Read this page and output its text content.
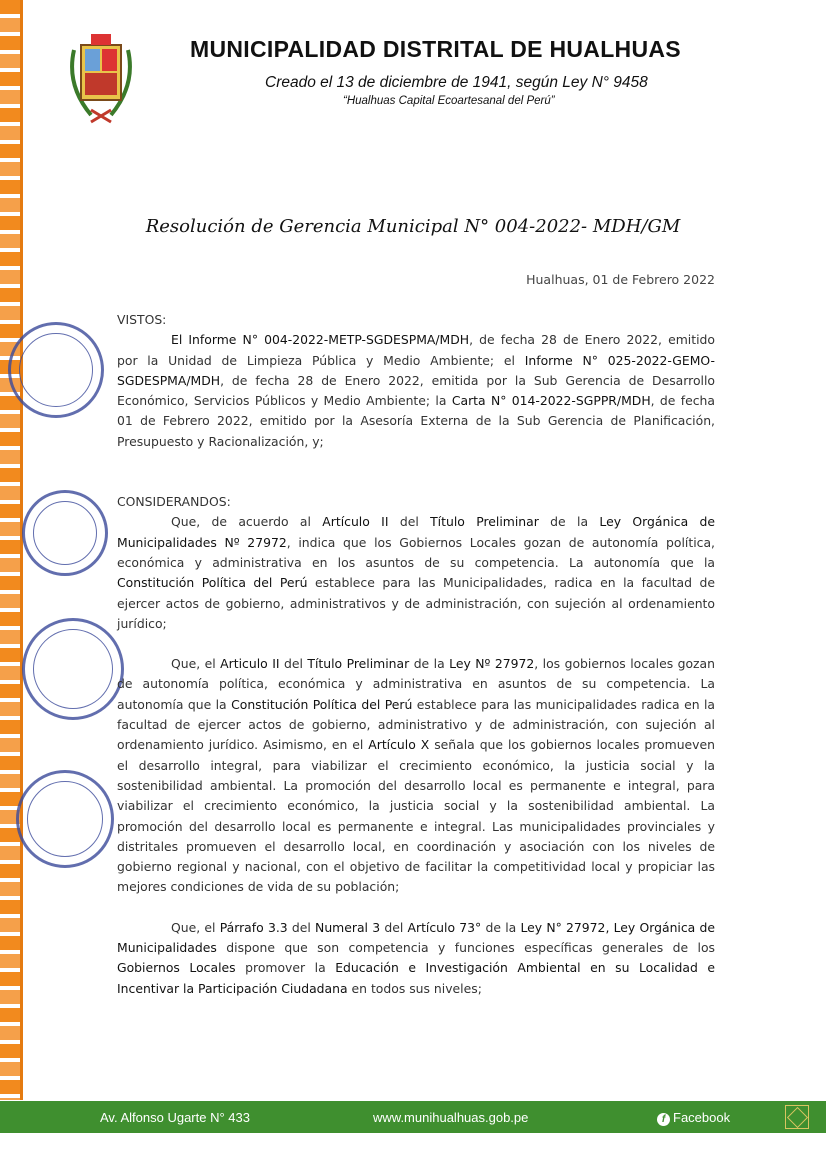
MUNICIPALIDAD DISTRITAL DE HUALHUAS
Creado el 13 de diciembre de 1941, según Ley N° 9458
“Hualhuas Capital Ecoartesanal del Perú”
Resolución de Gerencia Municipal N° 004-2022- MDH/GM
Hualhuas, 01 de Febrero 2022

VISTOS:

El Informe N° 004-2022-METP-SGDESPMA/MDH, de fecha 28 de Enero 2022, emitido por la Unidad de Limpieza Pública y Medio Ambiente; el Informe N° 025-2022-GEMO-SGDESPMA/MDH, de fecha 28 de Enero 2022, emitida por la Sub Gerencia de Desarrollo Económico, Servicios Públicos y Medio Ambiente; la Carta N° 014-2022-SGPPR/MDH, de fecha 01 de Febrero 2022, emitido por la Asesoría Externa de la Sub Gerencia de Planificación, Presupuesto y Racionalización, y;

CONSIDERANDOS:

Que, de acuerdo al Artículo II del Título Preliminar de la Ley Orgánica de Municipalidades Nº 27972, indica que los Gobiernos Locales gozan de autonomía política, económica y administrativa en los asuntos de su competencia. La autonomía que la Constitución Política del Perú establece para las Municipalidades, radica en la facultad de ejercer actos de gobierno, administrativos y de administración, con sujeción al ordenamiento jurídico;

Que, el Articulo II del Título Preliminar de la Ley Nº 27972, los gobiernos locales gozan de autonomía política, económica y administrativa en asuntos de su competencia. La autonomía que la Constitución Política del Perú establece para las municipalidades radica en la facultad de ejercer actos de gobierno, administrativo y de administración, con sujeción al ordenamiento jurídico. Asimismo, en el Artículo X señala que los gobiernos locales promueven el desarrollo integral, para viabilizar el crecimiento económico, la justicia social y la sostenibilidad ambiental. La promoción del desarrollo local es permanente e integral, para viabilizar el crecimiento económico, la justicia social y la sostenibilidad ambiental. La promoción del desarrollo local es permanente e integral. Las municipalidades provinciales y distritales promueven el desarrollo local, en coordinación y asociación con los niveles de gobierno regional y nacional, con el objetivo de facilitar la competitividad local y propiciar las mejores condiciones de vida de su población;

Que, el Párrafo 3.3 del Numeral 3 del Artículo 73° de la Ley N° 27972, Ley Orgánica de Municipalidades dispone que son competencia y funciones específicas generales de los Gobiernos Locales promover la Educación e Investigación Ambiental en su Localidad e Incentivar la Participación Ciudadana en todos sus niveles;

Av. Alfonso Ugarte N° 433	www.munihualhuas.gob.pe	f Facebook
